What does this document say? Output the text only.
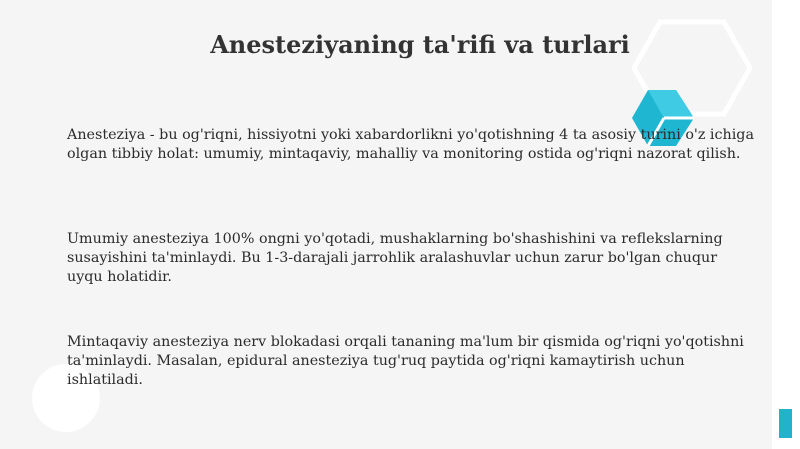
Anesteziyaning ta'rifi va turlari
Anesteziya - bu og'riqni, hissiyotni yoki xabardorlikni yo'qotishning 4 ta asosiy turini o'z ichiga olgan tibbiy holat: umumiy, mintaqaviy, mahalliy va monitoring ostida og'riqni nazorat qilish.
Umumiy anesteziya 100% ongni yo'qotadi, mushaklarning bo'shashishini va reflekslarning susayishini ta'minlaydi. Bu 1-3-darajali jarrohlik aralashuvlar uchun zarur bo'lgan chuqur uyqu holatidir.
Mintaqaviy anesteziya nerv blokadasi orqali tananing ma'lum bir qismida og'riqni yo'qotishni ta'minlaydi. Masalan, epidural anesteziya tug'ruq paytida og'riqni kamaytirish uchun ishlatiladi.
